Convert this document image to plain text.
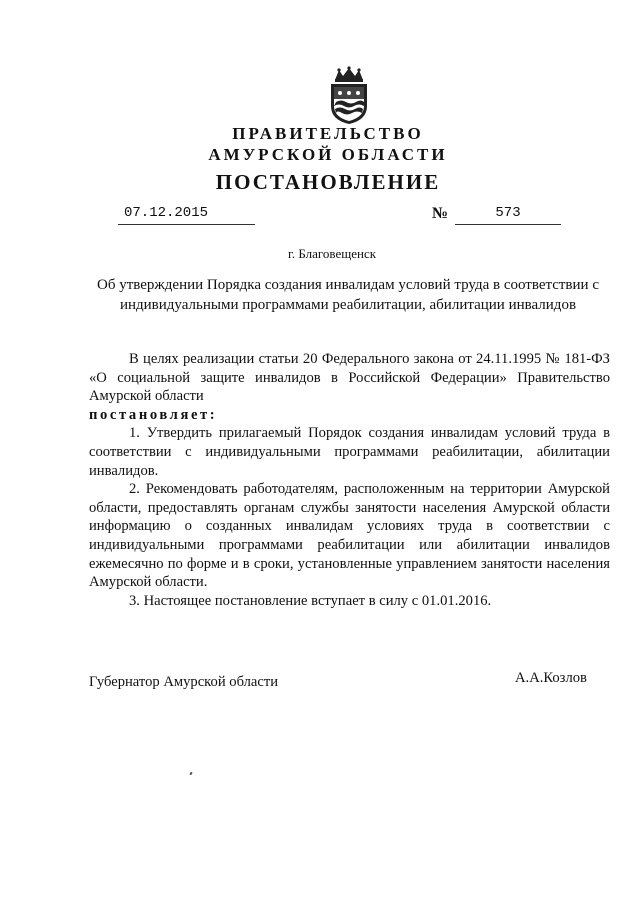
ПРАВИТЕЛЬСТВО
АМУРСКОЙ ОБЛАСТИ
ПОСТАНОВЛЕНИЕ
07.12.2015	№	573
г. Благовещенск
Об утверждении Порядка создания инвалидам условий труда в соответствии с индивидуальными программами реабилитации, абилитации инвалидов

В целях реализации статьи 20 Федерального закона от 24.11.1995 № 181-ФЗ «О социальной защите инвалидов в Российской Федерации» Правительство Амурской области

постановляет:

1. Утвердить прилагаемый Порядок создания инвалидам условий труда в соответствии с индивидуальными программами реабилитации, абилитации инвалидов.

2. Рекомендовать работодателям, расположенным на территории Амурской области, предоставлять органам службы занятости населения Амурской области информацию о созданных инвалидам условиях труда в соответствии с индивидуальными программами реабилитации или абилитации инвалидов ежемесячно по форме и в сроки, установленные управлением занятости населения Амурской области.

3. Настоящее постановление вступает в силу с 01.01.2016.

Губернатор Амурской области	А.А.Козлов
